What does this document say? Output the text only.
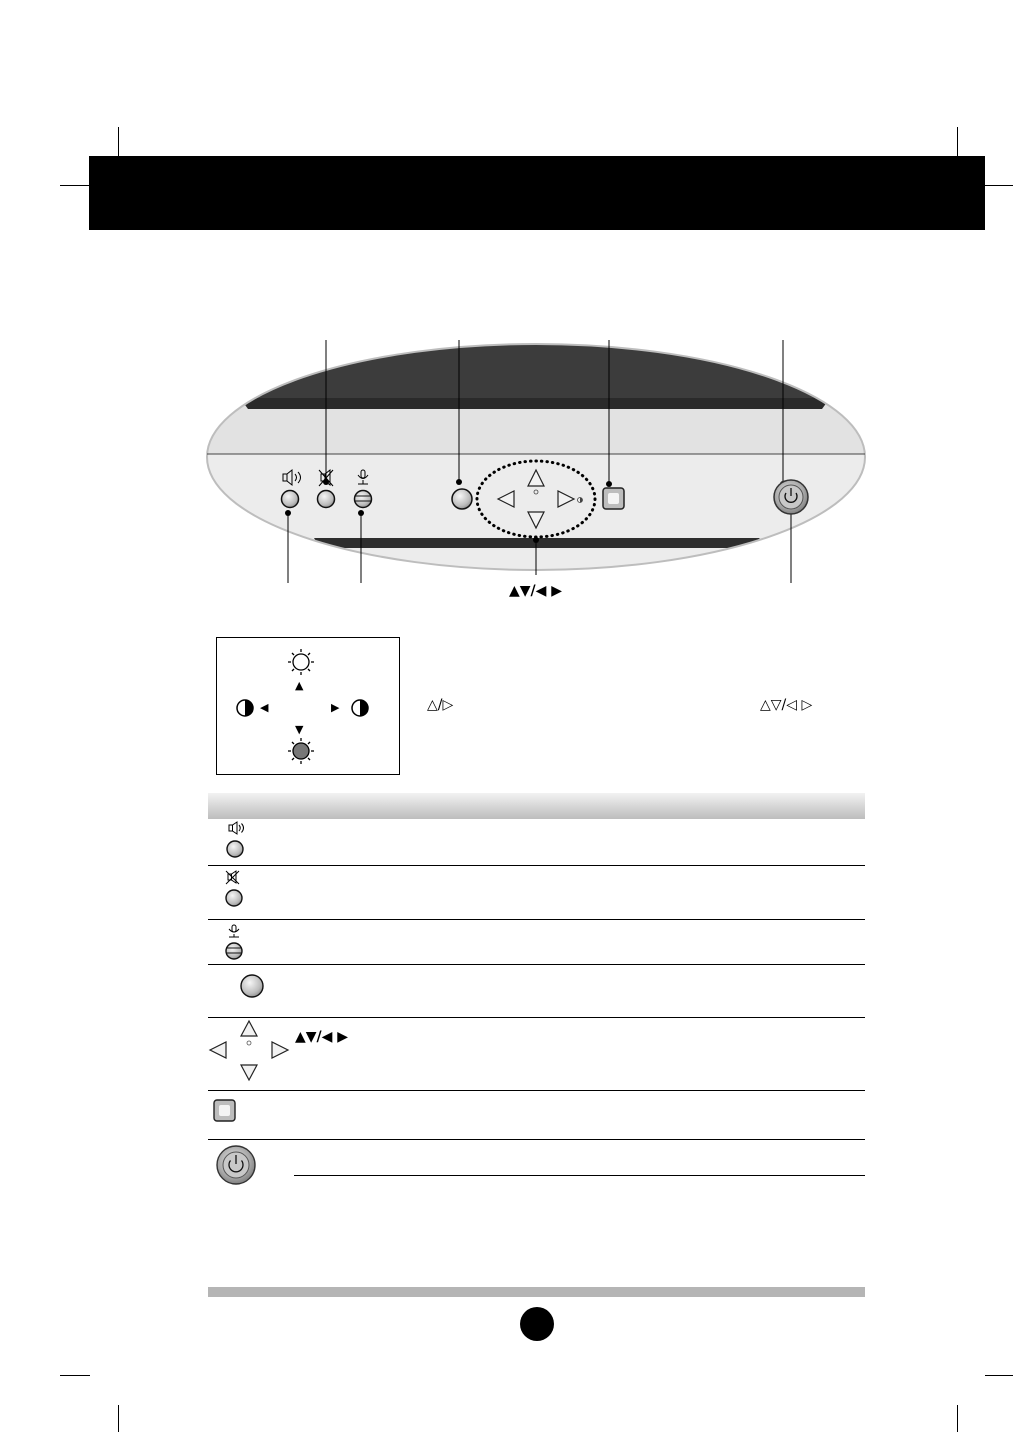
▲▼/◀ ▶
▲
▼
◀	▶	△/▷	△▽/◁ ▷
▲▼/◀ ▶
